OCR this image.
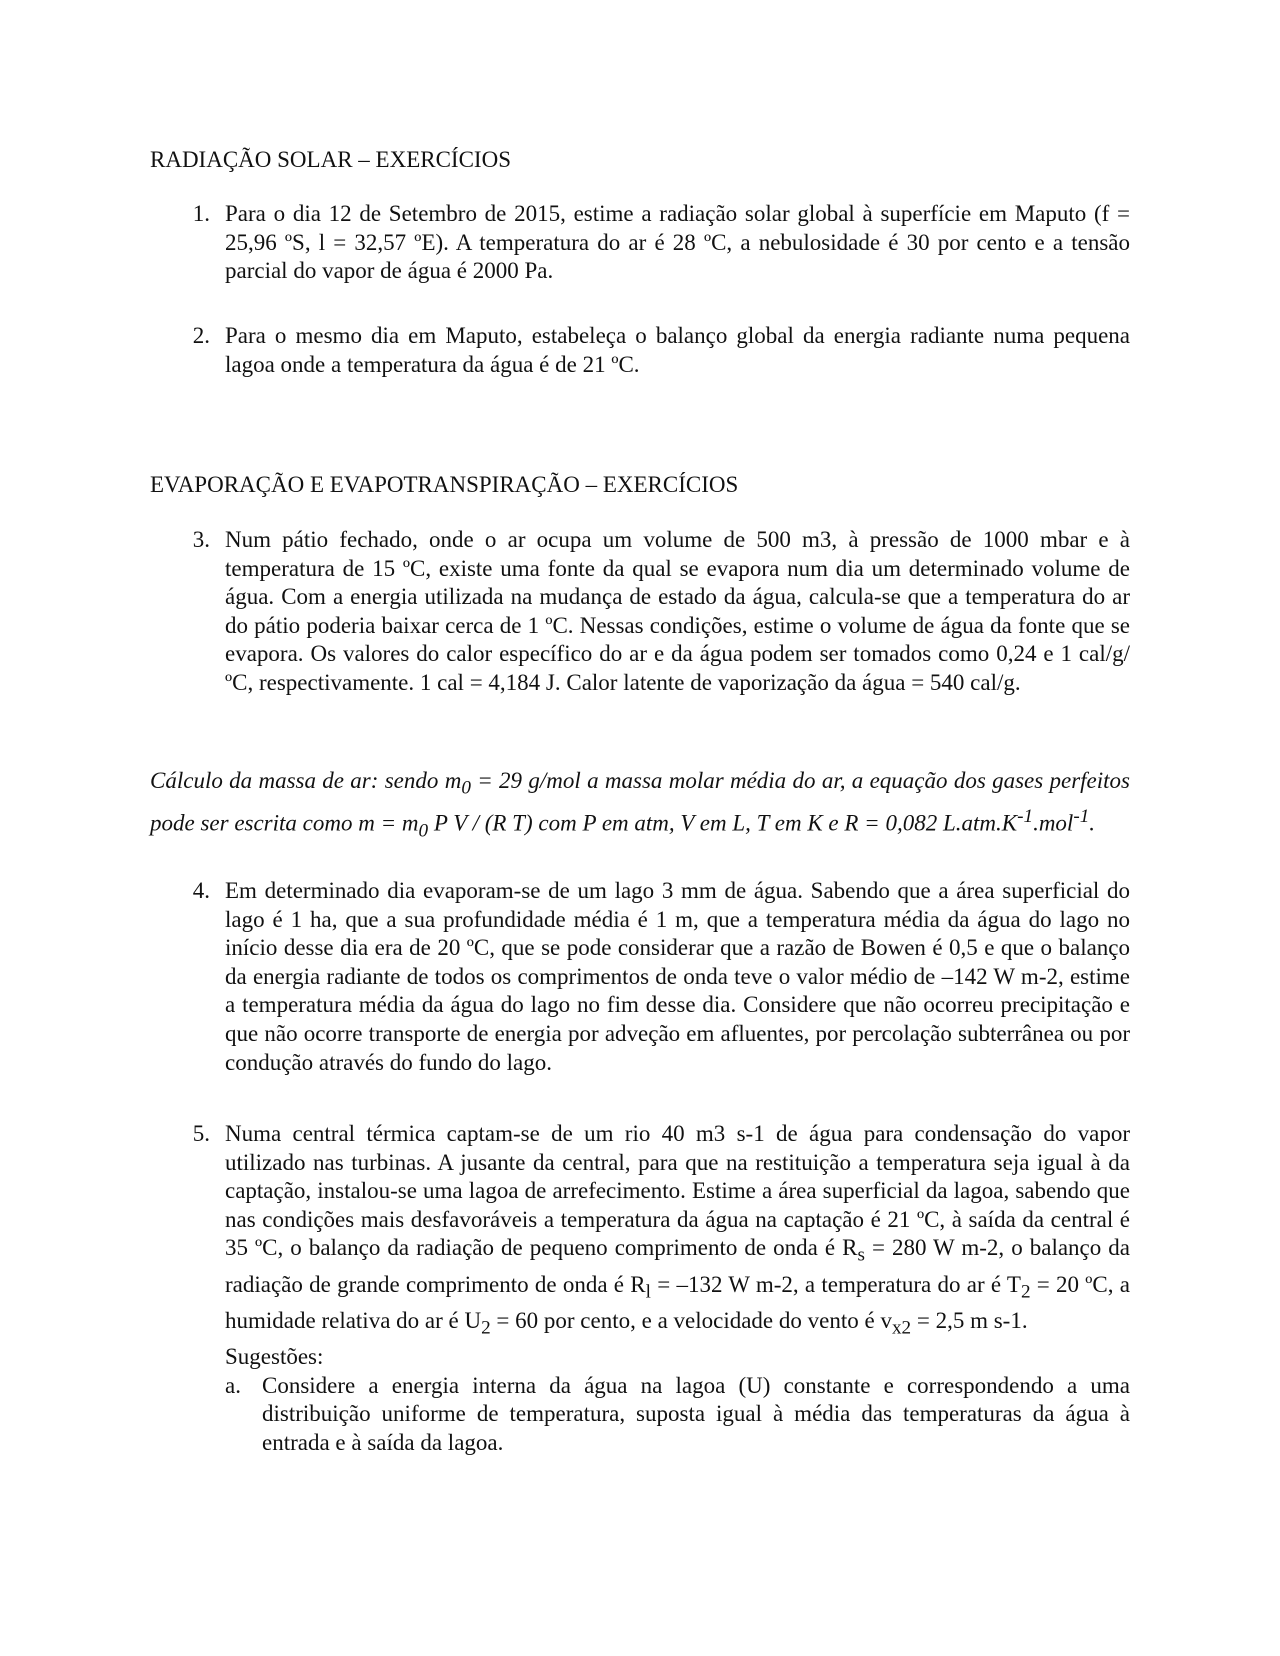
RADIAÇÃO SOLAR – EXERCÍCIOS
1. Para o dia 12 de Setembro de 2015, estime a radiação solar global à superfície em Maputo (f = 25,96 ºS, l = 32,57 ºE). A temperatura do ar é 28 ºC, a nebulosidade é 30 por cento e a tensão parcial do vapor de água é 2000 Pa.
2. Para o mesmo dia em Maputo, estabeleça o balanço global da energia radiante numa pequena lagoa onde a temperatura da água é de 21 ºC.
EVAPORAÇÃO E EVAPOTRANSPIRAÇÃO – EXERCÍCIOS
3. Num pátio fechado, onde o ar ocupa um volume de 500 m3, à pressão de 1000 mbar e à temperatura de 15 ºC, existe uma fonte da qual se evapora num dia um determinado volume de água. Com a energia utilizada na mudança de estado da água, calcula-se que a temperatura do ar do pátio poderia baixar cerca de 1 ºC. Nessas condições, estime o volume de água da fonte que se evapora. Os valores do calor específico do ar e da água podem ser tomados como 0,24 e 1 cal/g/ ºC, respectivamente. 1 cal = 4,184 J. Calor latente de vaporização da água = 540 cal/g.
Cálculo da massa de ar: sendo $m_0 = 29$ g/mol a massa molar média do ar, a equação dos gases perfeitos pode ser escrita como $m = m_0$ P V / (R T) com P em atm, V em L, T em K e R = 0,082 $L.atm.K^{-1}.mol^{-1}$.
4. Em determinado dia evaporam-se de um lago 3 mm de água. Sabendo que a área superficial do lago é 1 ha, que a sua profundidade média é 1 m, que a temperatura média da água do lago no início desse dia era de 20 ºC, que se pode considerar que a razão de Bowen é 0,5 e que o balanço da energia radiante de todos os comprimentos de onda teve o valor médio de –142 W m-2, estime a temperatura média da água do lago no fim desse dia. Considere que não ocorreu precipitação e que não ocorre transporte de energia por adveção em afluentes, por percolação subterrânea ou por condução através do fundo do lago.
5. Numa central térmica captam-se de um rio 40 m3 s-1 de água para condensação do vapor utilizado nas turbinas. A jusante da central, para que na restituição a temperatura seja igual à da captação, instalou-se uma lagoa de arrefecimento. Estime a área superficial da lagoa, sabendo que nas condições mais desfavoráveis a temperatura da água na captação é 21 ºC, à saída da central é 35 ºC, o balanço da radiação de pequeno comprimento de onda é $R_s = 280$ W m-2, o balanço da radiação de grande comprimento de onda é $R_l = -132$ W m-2, a temperatura do ar é $T_2 = 20$ ºC, a humidade relativa do ar é $U_2 = 60$ por cento, e a velocidade do vento é $v_{x2} = 2,5$ m s-1.
Sugestões:
a. Considere a energia interna da água na lagoa (U) constante e correspondendo a uma distribuição uniforme de temperatura, suposta igual à média das temperaturas da água à entrada e à saída da lagoa.
